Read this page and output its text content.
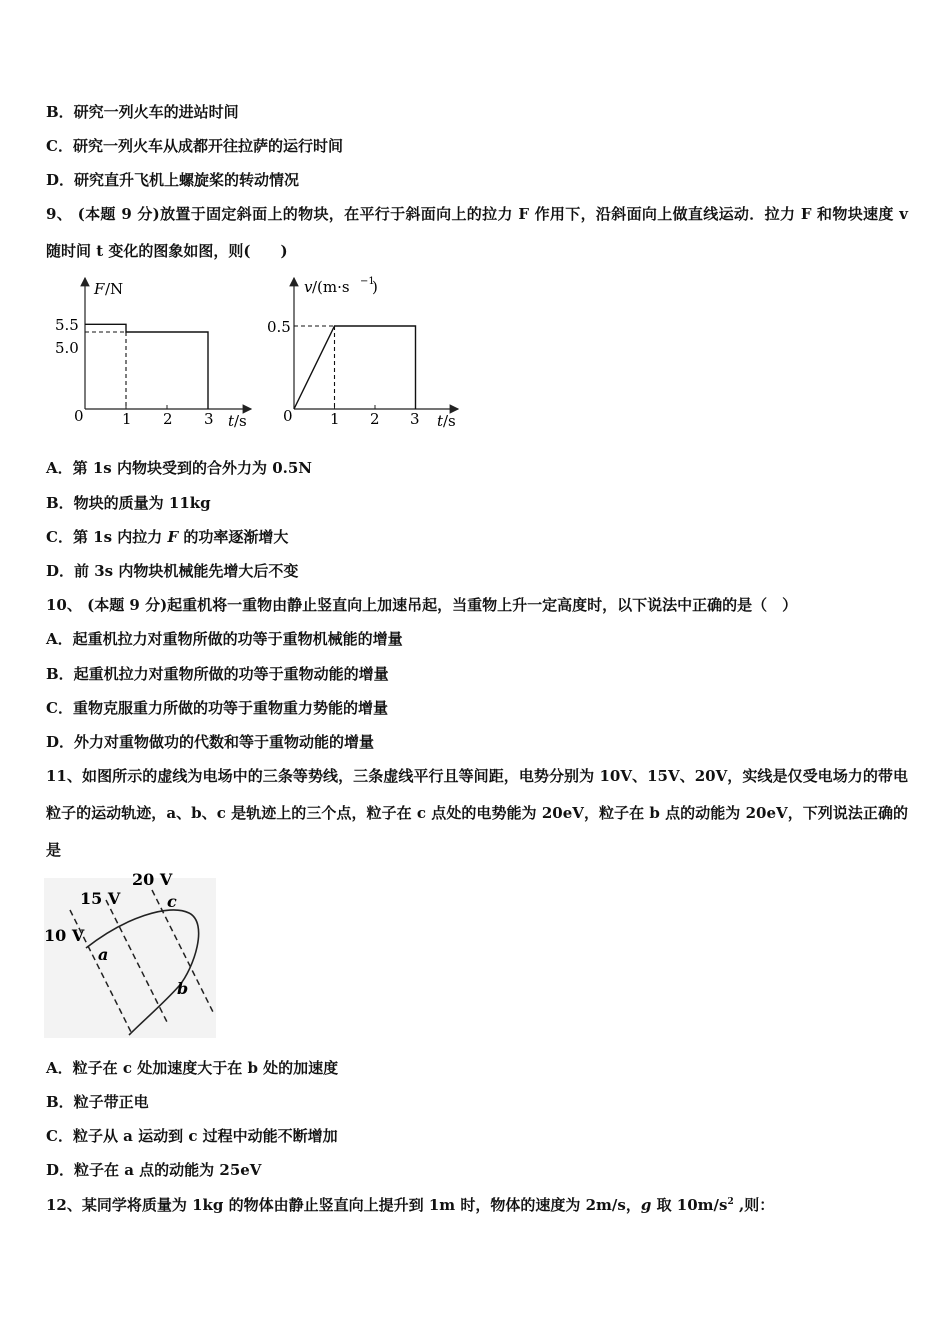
B．研究一列火车的进站时间
C．研究一列火车从成都开往拉萨的运行时间
D．研究直升飞机上螺旋桨的转动情况
9、 (本题 9 分)放置于固定斜面上的物块，在平行于斜面向上的拉力 F 作用下，沿斜面向上做直线运动．拉力 F 和物块速度 v 随时间 t 变化的图象如图，则(　　)
F /N
5.5
5.0
0	1 2 3 t /s
v /(m·s −1
)
0.5
0 1 2 3 t /s
A．第 1s 内物块受到的合外力为 0.5N
B．物块的质量为 11kg
C．第 1s 内拉力 F 的功率逐渐增大
D．前 3s 内物块机械能先增大后不变
10、 (本题 9 分)起重机将一重物由静止竖直向上加速吊起，当重物上升一定高度时，以下说法中正确的是（　）
A．起重机拉力对重物所做的功等于重物机械能的增量
B．起重机拉力对重物所做的功等于重物动能的增量
C．重物克服重力所做的功等于重物重力势能的增量
D．外力对重物做功的代数和等于重物动能的增量
11、如图所示的虚线为电场中的三条等势线，三条虚线平行且等间距，电势分别为 10V、15V、20V，实线是仅受电场力的带电粒子的运动轨迹，a、b、c 是轨迹上的三个点，粒子在 c 点处的电势能为 20eV，粒子在 b 点的动能为 20eV，下列说法正确的是
20 V
15 V
10 V
a
b
c
A．粒子在 c 处加速度大于在 b 处的加速度
B．粒子带正电
C．粒子从 a 运动到 c 过程中动能不断增加
D．粒子在 a 点的动能为 25eV
12、某同学将质量为 1kg 的物体由静止竖直向上提升到 1m 时，物体的速度为 2m/s，g 取 $10m/s^2$ ,则：
